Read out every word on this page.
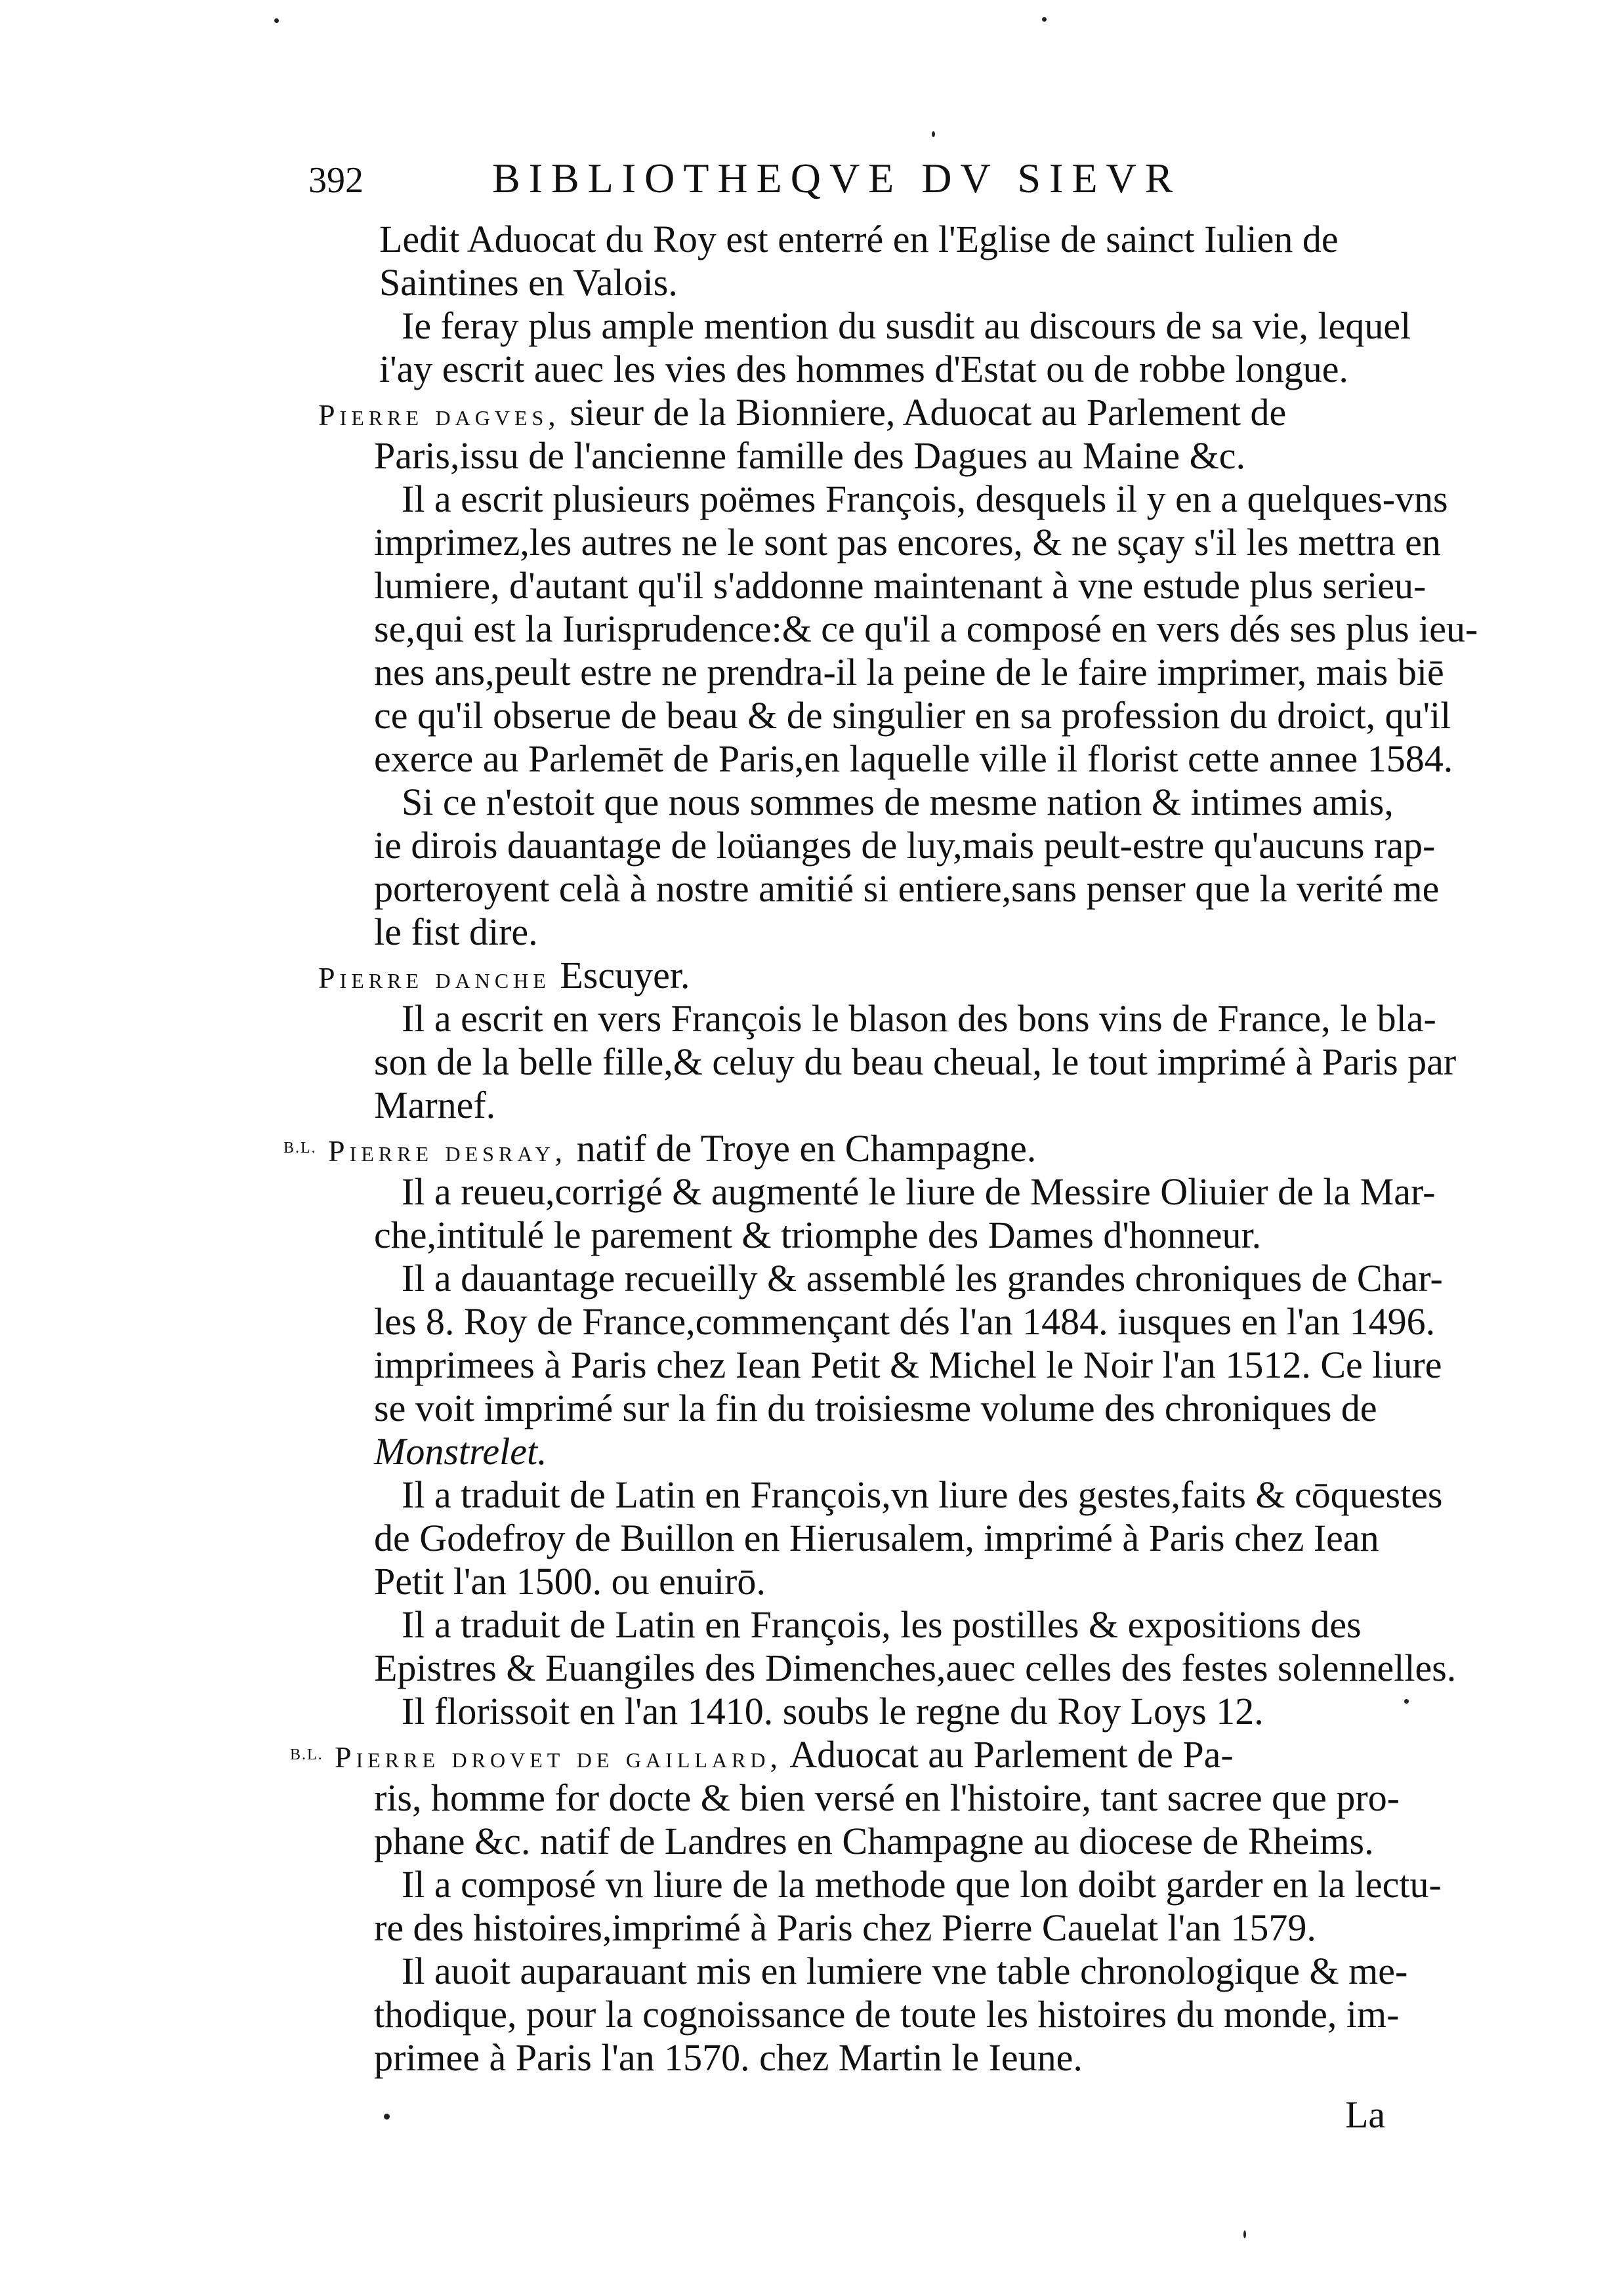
392	BIBLIOTHEQVE DV SIEVR
Ledit Aduocat du Roy est enterré en l'Eglise de sainct Iulien de
Saintines en Valois.
Ie feray plus ample mention du susdit au discours de sa vie, lequel
i'ay escrit auec les vies des hommes d'Estat ou de robbe longue.
Pierre dagves, sieur de la Bionniere, Aduocat au Parlement de
Paris,issu de l'ancienne famille des Dagues au Maine &c.
Il a escrit plusieurs poëmes François, desquels il y en a quelques-vns
imprimez,les autres ne le sont pas encores, & ne sçay s'il les mettra en
lumiere, d'autant qu'il s'addonne maintenant à vne estude plus serieu-
se,qui est la Iurisprudence:& ce qu'il a composé en vers dés ses plus ieu-
nes ans,peult estre ne prendra-il la peine de le faire imprimer, mais biē
ce qu'il obserue de beau & de singulier en sa profession du droict, qu'il
exerce au Parlemēt de Paris,en laquelle ville il florist cette annee 1584.
Si ce n'estoit que nous sommes de mesme nation & intimes amis,
ie dirois dauantage de loüanges de luy,mais peult-estre qu'aucuns rap-
porteroyent celà à nostre amitié si entiere,sans penser que la verité me
le fist dire.
Pierre danche Escuyer.
Il a escrit en vers François le blason des bons vins de France, le bla-
son de la belle fille,& celuy du beau cheual, le tout imprimé à Paris par
Marnef.
B.L. Pierre desray, natif de Troye en Champagne.
Il a reueu,corrigé & augmenté le liure de Messire Oliuier de la Mar-
che,intitulé le parement & triomphe des Dames d'honneur.
Il a dauantage recueilly & assemblé les grandes chroniques de Char-
les 8. Roy de France,commençant dés l'an 1484. iusques en l'an 1496.
imprimees à Paris chez Iean Petit & Michel le Noir l'an 1512. Ce liure
se voit imprimé sur la fin du troisiesme volume des chroniques de
Monstrelet.
Il a traduit de Latin en François,vn liure des gestes,faits & cōquestes
de Godefroy de Buillon en Hierusalem, imprimé à Paris chez Iean
Petit l'an 1500. ou enuirō.
Il a traduit de Latin en François, les postilles & expositions des
Epistres & Euangiles des Dimenches,auec celles des festes solennelles.
Il florissoit en l'an 1410. soubs le regne du Roy Loys 12.
B.L. Pierre drovet de gaillard, Aduocat au Parlement de Pa-
ris, homme for docte & bien versé en l'histoire, tant sacree que pro-
phane &c. natif de Landres en Champagne au diocese de Rheims.
Il a composé vn liure de la methode que lon doibt garder en la lectu-
re des histoires,imprimé à Paris chez Pierre Cauelat l'an 1579.
Il auoit auparauant mis en lumiere vne table chronologique & me-
thodique, pour la cognoissance de toute les histoires du monde, im-
primee à Paris l'an 1570. chez Martin le Ieune.
La
